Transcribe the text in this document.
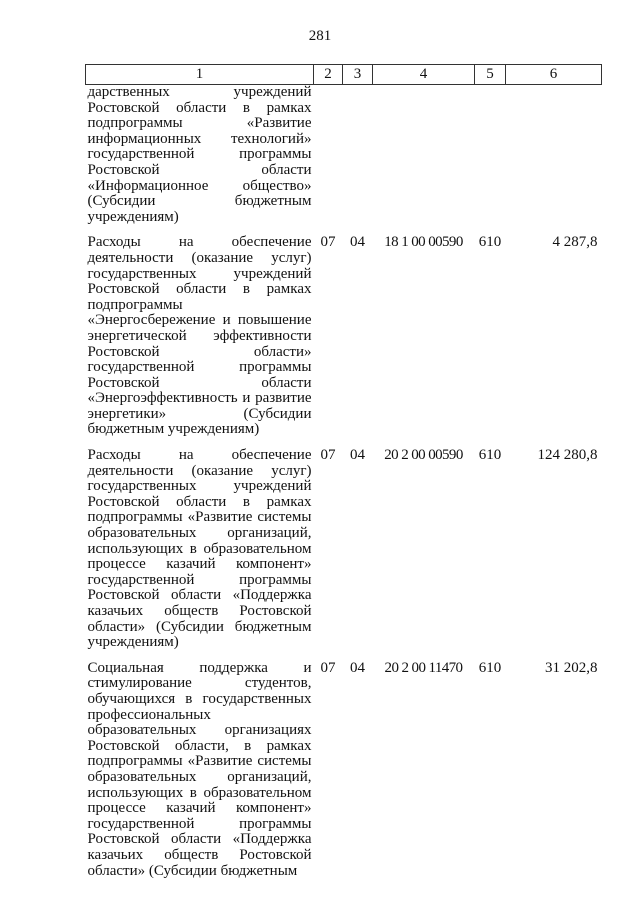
281
1	2	3	4	5	6
дарственных учреждений Ростовской области в рамках подпрограммы «Развитие информационных технологий» государственной программы Ростовской области «Информационное общество» (Субсидии бюджетным учреждениям)					
Расходы на обеспечение деятельности (оказание услуг) государственных учреждений Ростовской области в рамках подпрограммы «Энергосбережение и повышение энергетической эффективности Ростовской области» государственной программы Ростовской области «Энергоэффективность и развитие энергетики» (Субсидии бюджетным учреждениям)	07	04	18 1 00 00590	610	4 287,8
Расходы на обеспечение деятельности (оказание услуг) государственных учреждений Ростовской области в рамках подпрограммы «Развитие системы образовательных организаций, использующих в образовательном процессе казачий компонент» государственной программы Ростовской области «Поддержка казачьих обществ Ростовской области» (Субсидии бюджетным учреждениям)	07	04	20 2 00 00590	610	124 280,8
Социальная поддержка и стимулирование студентов, обучающихся в государственных профессиональных образовательных организациях Ростовской области, в рамках подпрограммы «Развитие системы образовательных организаций, использующих в образовательном процессе казачий компонент» государственной программы Ростовской области «Поддержка казачьих обществ Ростовской области» (Субсидии бюджетным	07	04	20 2 00 11470	610	31 202,8
